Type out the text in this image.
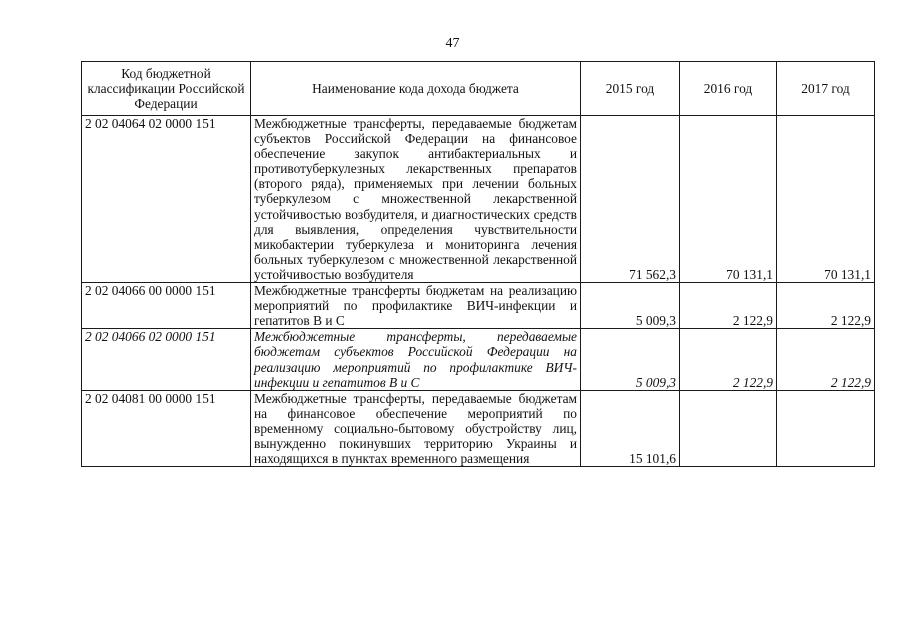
47
Код бюджетной классификации Российской Федерации	Наименование кода дохода бюджета	2015 год	2016 год	2017 год
2 02 04064 02 0000 151	Межбюджетные трансферты, передаваемые бюджетам субъектов Российской Федерации на финансовое обеспечение закупок антибактериальных и противотуберкулезных лекарственных препаратов (второго ряда), применяемых при лечении больных туберкулезом с множественной лекарственной устойчивостью возбудителя, и диагностических средств для выявления, определения чувствительности микобактерии туберкулеза и мониторинга лечения больных туберкулезом с множественной лекарственной устойчивостью возбудителя	71 562,3	70 131,1	70 131,1
2 02 04066 00 0000 151	Межбюджетные трансферты бюджетам на реализацию мероприятий по профилактике ВИЧ-инфекции и гепатитов В и С	5 009,3	2 122,9	2 122,9
2 02 04066 02 0000 151	Межбюджетные трансферты, передаваемые бюджетам субъектов Российской Федерации на реализацию мероприятий по профилактике ВИЧ-инфекции и гепатитов В и С	5 009,3	2 122,9	2 122,9
2 02 04081 00 0000 151	Межбюджетные трансферты, передаваемые бюджетам на финансовое обеспечение мероприятий по временному социально-бытовому обустройству лиц, вынужденно покинувших территорию Украины и находящихся в пунктах временного размещения	15 101,6		
